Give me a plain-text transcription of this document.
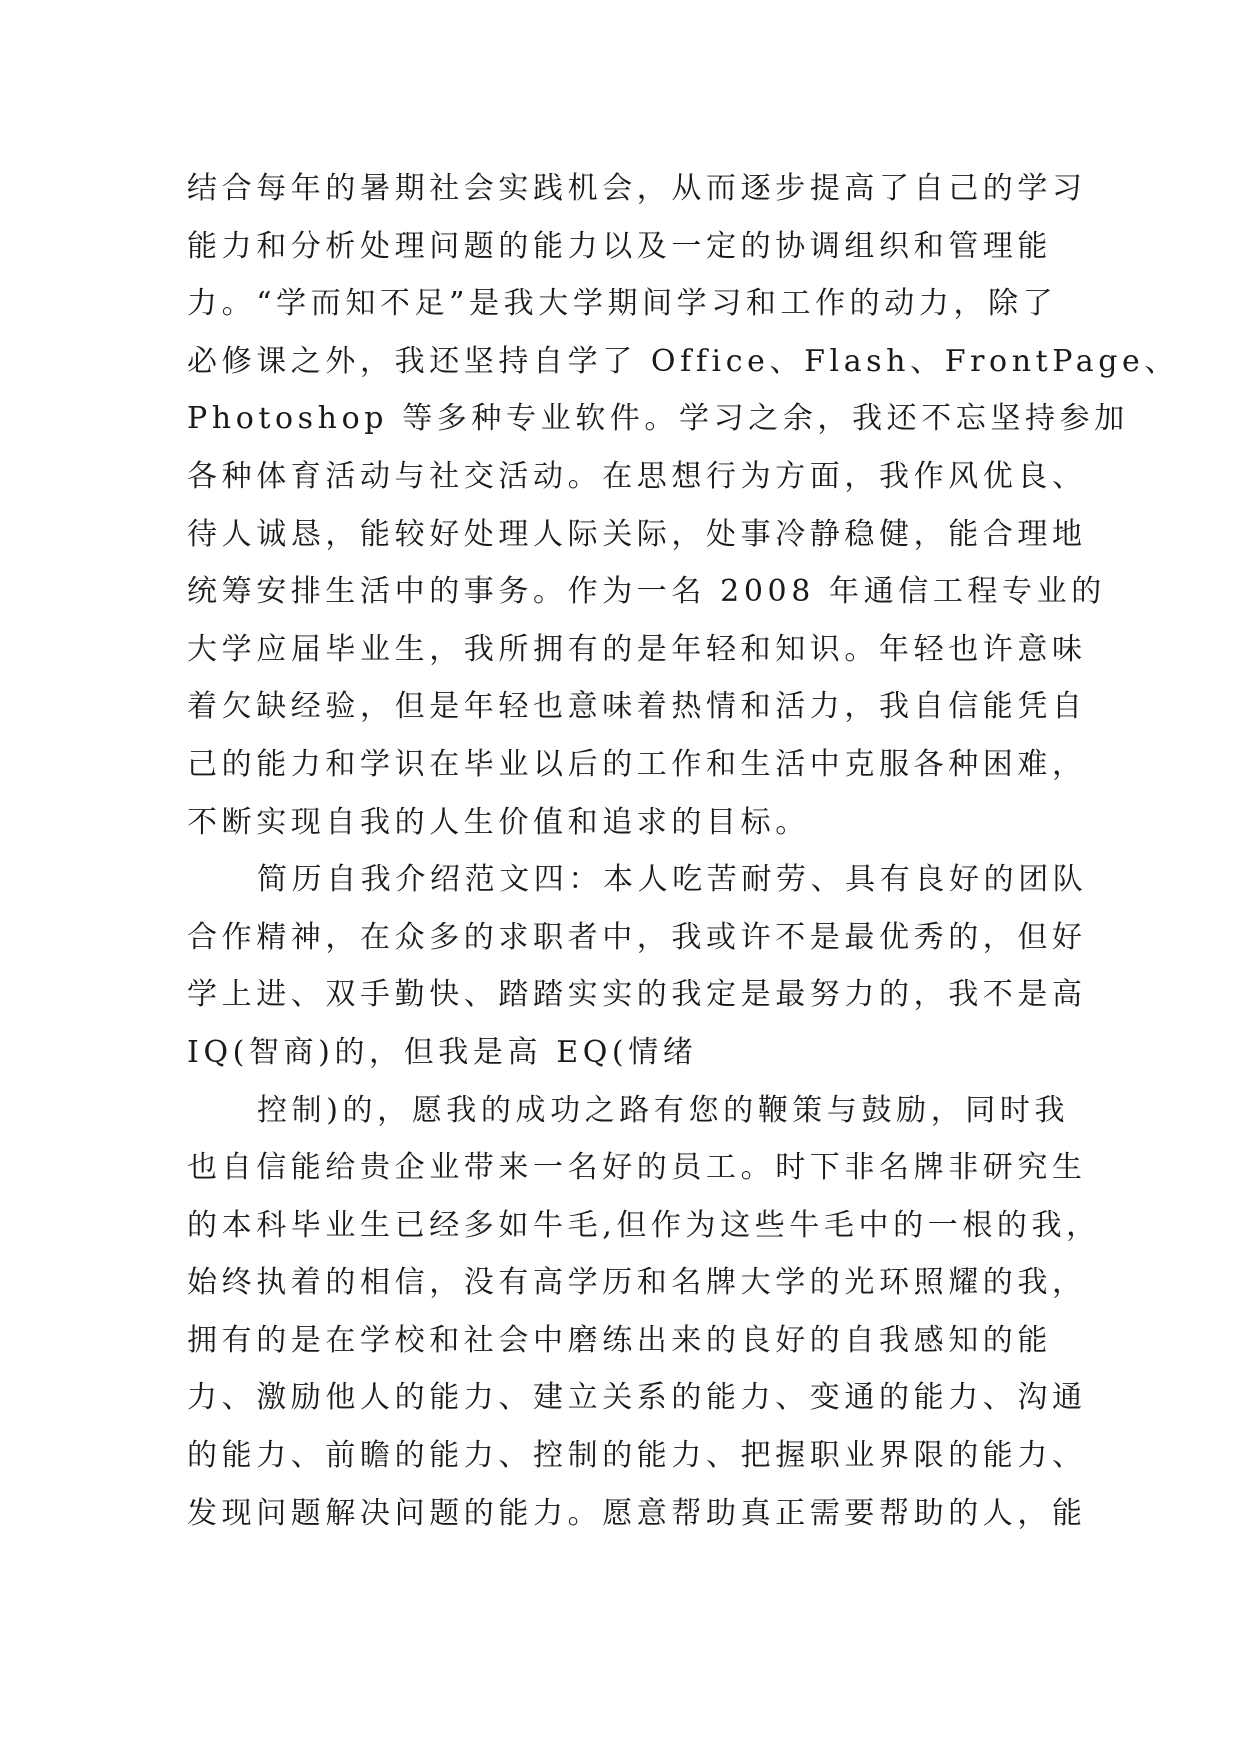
结合每年的暑期社会实践机会，从而逐步提高了自己的学习
能力和分析处理问题的能力以及一定的协调组织和管理能
力。“学而知不足”是我大学期间学习和工作的动力，除了
必修课之外，我还坚持自学了 Office、Flash、FrontPage、
Photoshop 等多种专业软件。学习之余，我还不忘坚持参加
各种体育活动与社交活动。在思想行为方面，我作风优良、
待人诚恳，能较好处理人际关际，处事冷静稳健，能合理地
统筹安排生活中的事务。作为一名 2008 年通信工程专业的
大学应届毕业生，我所拥有的是年轻和知识。年轻也许意味
着欠缺经验，但是年轻也意味着热情和活力，我自信能凭自
己的能力和学识在毕业以后的工作和生活中克服各种困难，
不断实现自我的人生价值和追求的目标。
简历自我介绍范文四：本人吃苦耐劳、具有良好的团队
合作精神，在众多的求职者中，我或许不是最优秀的，但好
学上进、双手勤快、踏踏实实的我定是最努力的，我不是高
IQ(智商)的，但我是高 EQ(情绪
控制)的，愿我的成功之路有您的鞭策与鼓励，同时我
也自信能给贵企业带来一名好的员工。时下非名牌非研究生
的本科毕业生已经多如牛毛,但作为这些牛毛中的一根的我，
始终执着的相信，没有高学历和名牌大学的光环照耀的我，
拥有的是在学校和社会中磨练出来的良好的自我感知的能
力、激励他人的能力、建立关系的能力、变通的能力、沟通
的能力、前瞻的能力、控制的能力、把握职业界限的能力、
发现问题解决问题的能力。愿意帮助真正需要帮助的人，能
